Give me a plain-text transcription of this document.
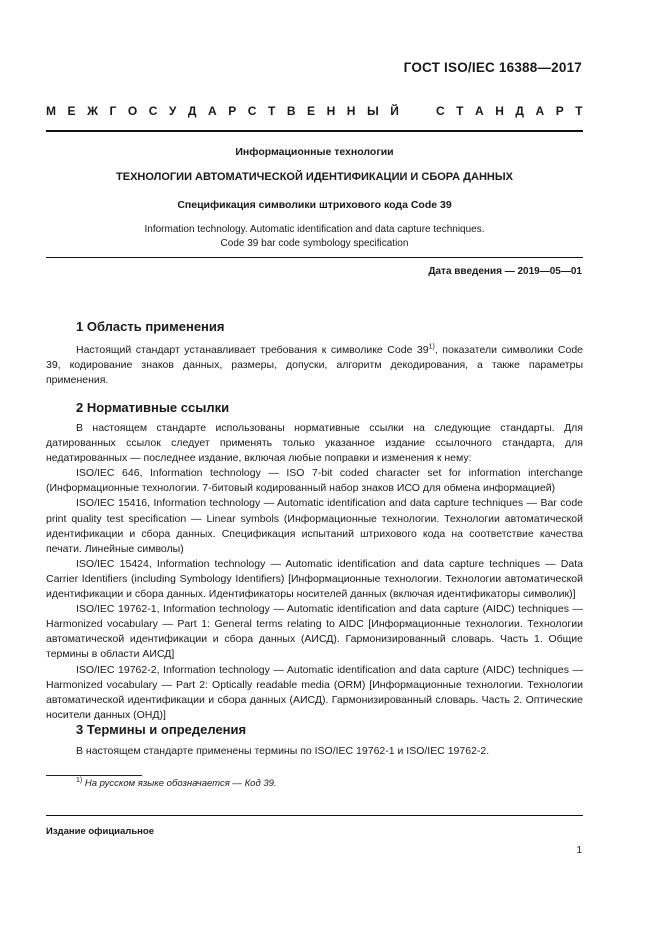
ГОСТ ISO/IEC 16388—2017
М Е Ж Г О С У Д А Р С Т В Е Н Н Ы Й	С Т А Н Д А Р Т
Информационные технологии
ТЕХНОЛОГИИ АВТОМАТИЧЕСКОЙ ИДЕНТИФИКАЦИИ И СБОРА ДАННЫХ
Спецификация символики штрихового кода Code 39
Information technology. Automatic identification and data capture techniques.
Code 39 bar code symbology specification
Дата введения — 2019—05—01
1 Область применения

Настоящий стандарт устанавливает требования к символике Code 39$^{1)}$, показатели символики Code 39, кодирование знаков данных, размеры, допуски, алгоритм декодирования, а также параметры применения.

2 Нормативные ссылки

В настоящем стандарте использованы нормативные ссылки на следующие стандарты. Для датированных ссылок следует применять только указанное издание ссылочного стандарта, для недатированных — последнее издание, включая любые поправки и изменения к нему:

ISO/IEC 646, Information technology — ISO 7-bit coded character set for information interchange (Информационные технологии. 7-битовый кодированный набор знаков ИСО для обмена информацией)

ISO/IEC 15416, Information technology — Automatic identification and data capture techniques — Bar code print quality test specification — Linear symbols (Информационные технологии. Технологии автоматической идентификации и сбора данных. Спецификация испытаний штрихового кода на соответствие качества печати. Линейные символы)

ISO/IEC 15424, Information technology — Automatic identification and data capture techniques — Data Carrier Identifiers (including Symbology Identifiers) [Информационные технологии. Технологии автоматической идентификации и сбора данных. Идентификаторы носителей данных (включая идентификаторы символик)]

ISO/IEC 19762-1, Information technology — Automatic identification and data capture (AIDC) techniques — Harmonized vocabulary — Part 1: General terms relating to AIDC [Информационные технологии. Технологии автоматической идентификации и сбора данных (АИСД). Гармонизированный словарь. Часть 1. Общие термины в области АИСД]

ISO/IEC 19762-2, Information technology — Automatic identification and data capture (AIDC) techniques — Harmonized vocabulary — Part 2: Optically readable media (ORM) [Информационные технологии. Технологии автоматической идентификации и сбора данных (АИСД). Гармонизированный словарь. Часть 2. Оптические носители данных (ОНД)]

3 Термины и определения

В настоящем стандарте применены термины по ISO/IEC 19762-1 и ISO/IEC 19762-2.

$^{1)}$ На русском языке обозначается — Код 39.
Издание официальное
1
